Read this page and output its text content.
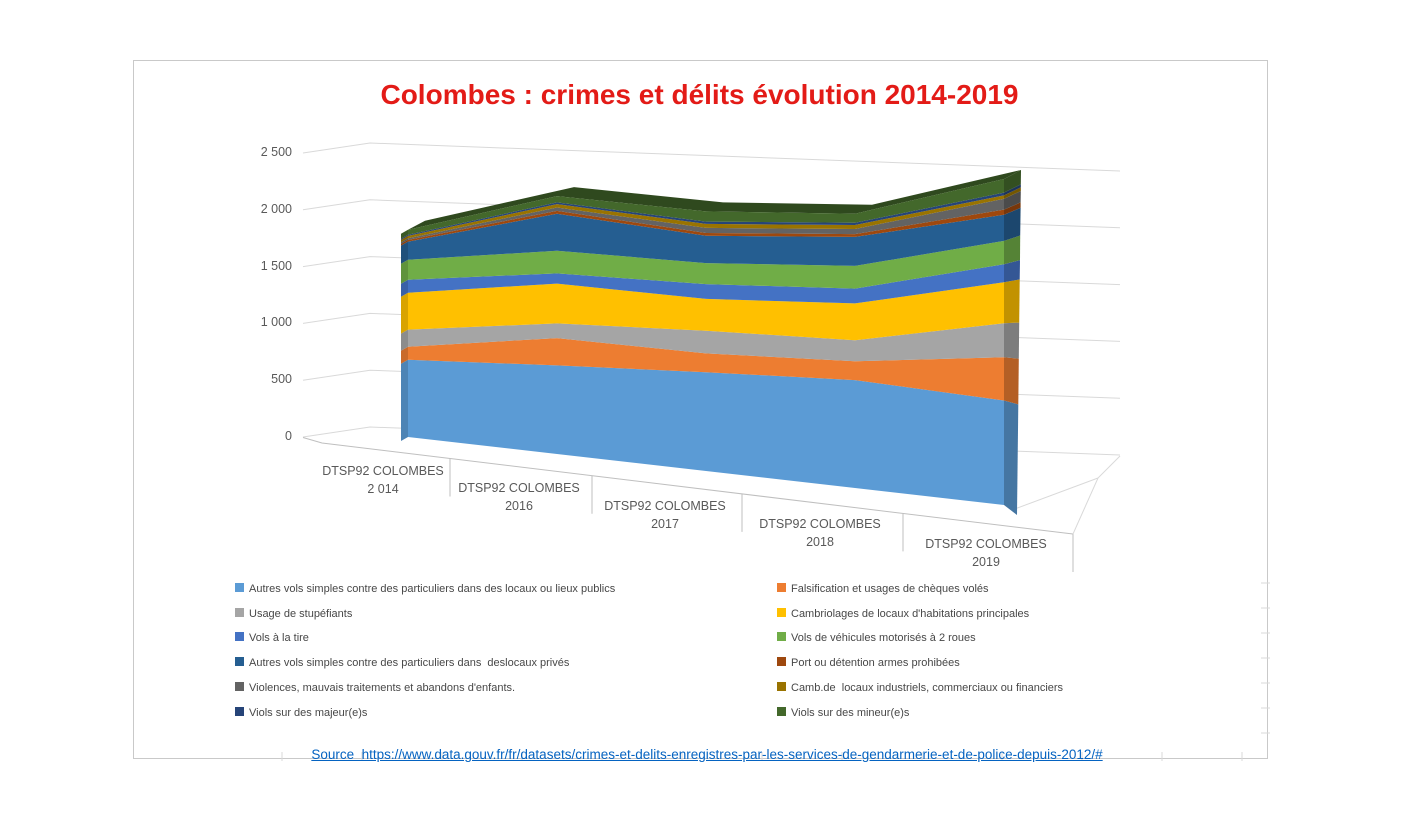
Colombes : crimes et délits évolution 2014-2019
0
500
1 000
1 500
2 000
2 500
DTSP92 COLOMBES
2 014	DTSP92 COLOMBES
2016	DTSP92 COLOMBES
2017	DTSP92 COLOMBES
2018	DTSP92 COLOMBES
2019
Autres vols simples contre des particuliers dans des locaux ou lieux publics	Falsification et usages de chèques volés
Usage de stupéfiants	Cambriolages de locaux d'habitations principales
Vols à la tire	Vols de véhicules motorisés à 2 roues
Autres vols simples contre des particuliers dans  deslocaux privés	Port ou détention armes prohibées
Violences, mauvais traitements et abandons d'enfants.	Camb.de  locaux industriels, commerciaux ou financiers
Viols sur des majeur(e)s	Viols sur des mineur(e)s

Source  https://www.data.gouv.fr/fr/datasets/crimes-et-delits-enregistres-par-les-services-de-gendarmerie-et-de-police-depuis-2012/#
